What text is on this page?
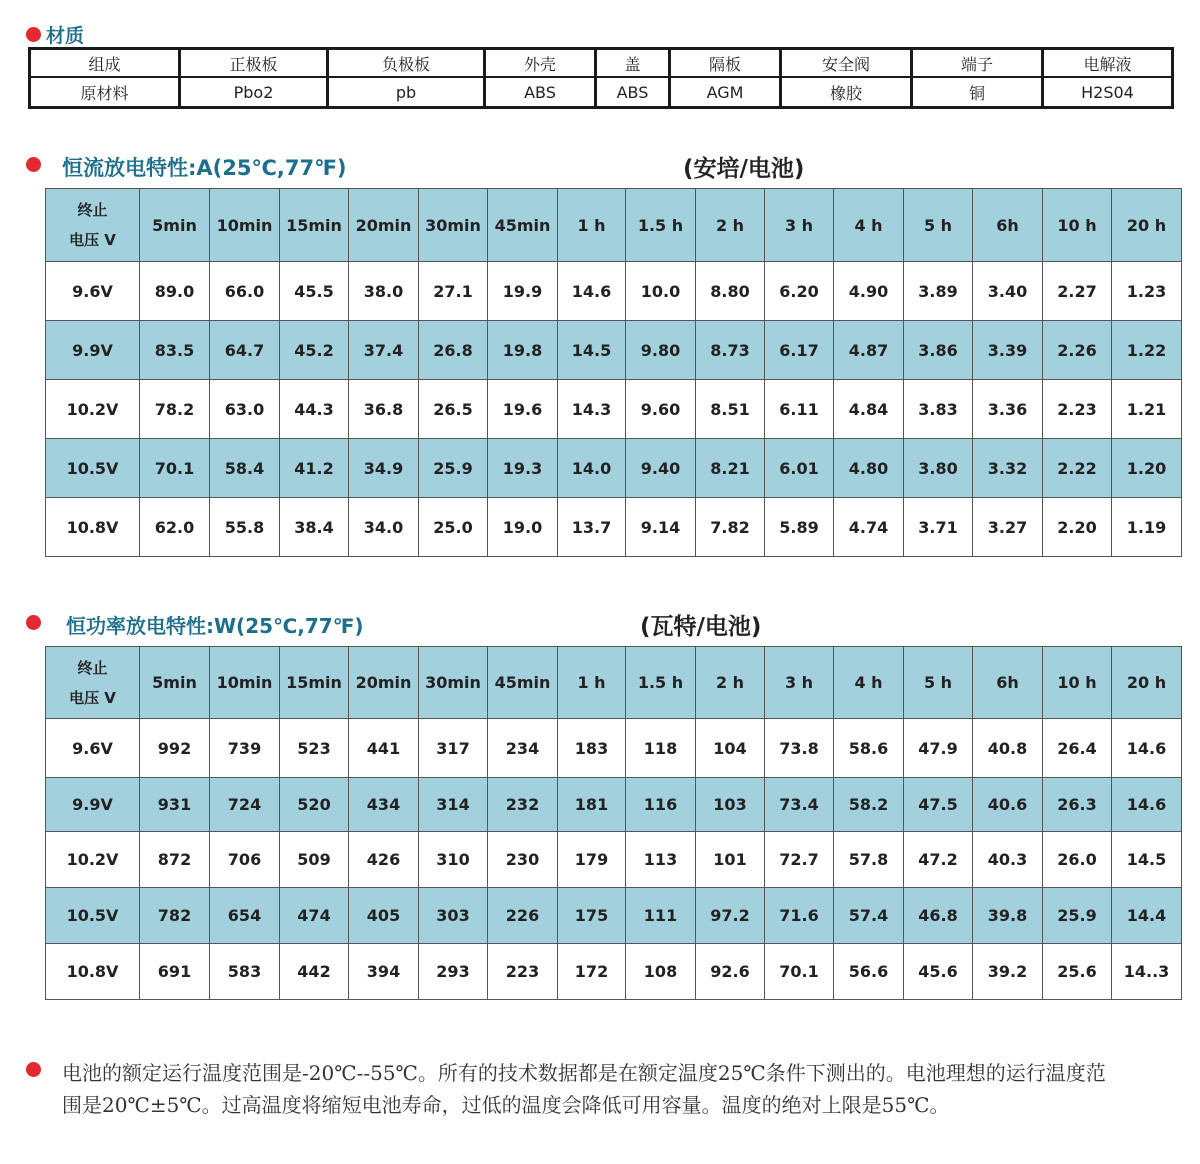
材质
组成	正极板	负极板	外壳	盖	隔板	安全阀	端子	电解液
原材料	Pbo2	pb	ABS	ABS	AGM	橡胶	铜	H2S04
恒流放电特性:A(25℃,77℉)	(安培/电池)
终止
电压 V	5min	10min	15min	20min	30min	45min	1 h	1.5 h	2 h	3 h	4 h	5 h	6h	10 h	20 h
9.6V	89.0	66.0	45.5	38.0	27.1	19.9	14.6	10.0	8.80	6.20	4.90	3.89	3.40	2.27	1.23
9.9V	83.5	64.7	45.2	37.4	26.8	19.8	14.5	9.80	8.73	6.17	4.87	3.86	3.39	2.26	1.22
10.2V	78.2	63.0	44.3	36.8	26.5	19.6	14.3	9.60	8.51	6.11	4.84	3.83	3.36	2.23	1.21
10.5V	70.1	58.4	41.2	34.9	25.9	19.3	14.0	9.40	8.21	6.01	4.80	3.80	3.32	2.22	1.20
10.8V	62.0	55.8	38.4	34.0	25.0	19.0	13.7	9.14	7.82	5.89	4.74	3.71	3.27	2.20	1.19
恒功率放电特性:W(25℃,77℉)	(瓦特/电池)
终止
电压 V	5min	10min	15min	20min	30min	45min	1 h	1.5 h	2 h	3 h	4 h	5 h	6h	10 h	20 h
9.6V	992	739	523	441	317	234	183	118	104	73.8	58.6	47.9	40.8	26.4	14.6
9.9V	931	724	520	434	314	232	181	116	103	73.4	58.2	47.5	40.6	26.3	14.6
10.2V	872	706	509	426	310	230	179	113	101	72.7	57.8	47.2	40.3	26.0	14.5
10.5V	782	654	474	405	303	226	175	111	97.2	71.6	57.4	46.8	39.8	25.9	14.4
10.8V	691	583	442	394	293	223	172	108	92.6	70.1	56.6	45.6	39.2	25.6	14..3
电池的额定运行温度范围是-20℃--55℃。所有的技术数据都是在额定温度25℃条件下测出的。电池理想的运行温度范围是20℃±5℃。过高温度将缩短电池寿命，过低的温度会降低可用容量。温度的绝对上限是55℃。
